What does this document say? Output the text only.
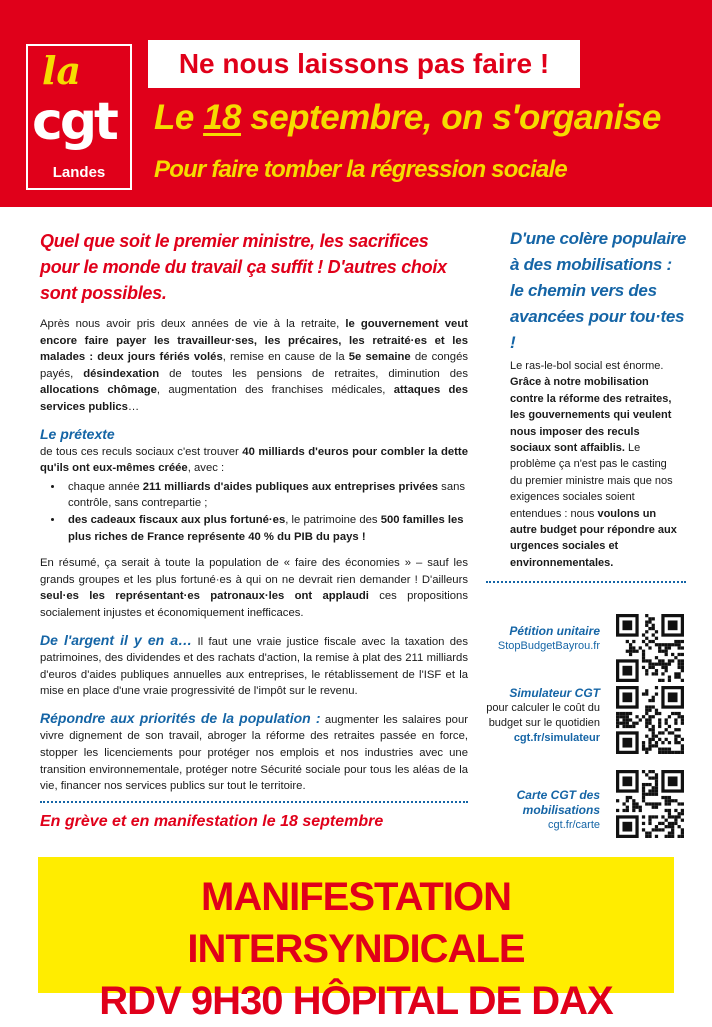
la
cgt
Landes
Ne nous laissons pas faire !
Le 18 septembre, on s'organise
Pour faire tomber la régression sociale

Quel que soit le premier ministre, les sacrifices pour le monde du travail ça suffit ! D'autres choix sont possibles.

Après nous avoir pris deux années de vie à la retraite, le gouvernement veut encore faire payer les travailleur·ses, les précaires, les retraité·es et les malades : deux jours fériés volés, remise en cause de la 5e semaine de congés payés, désindexation de toutes les pensions de retraites, diminution des allocations chômage, augmentation des franchises médicales, attaques des services publics…

Le prétexte

de tous ces reculs sociaux c'est trouver 40 milliards d'euros pour combler la dette qu'ils ont eux-mêmes créée, avec :

• chaque année 211 milliards d'aides publiques aux entreprises privées sans contrôle, sans contrepartie ;
• des cadeaux fiscaux aux plus fortuné·es, le patrimoine des 500 familles les plus riches de France représente 40 % du PIB du pays !

En résumé, ça serait à toute la population de « faire des économies » – sauf les grands groupes et les plus fortuné·es à qui on ne devrait rien demander ! D'ailleurs seul·es les représentant·es patronaux·les ont applaudi ces propositions socialement injustes et économiquement inefficaces.

De l'argent il y en a… Il faut une vraie justice fiscale avec la taxation des patrimoines, des dividendes et des rachats d'action, la remise à plat des 211 milliards d'euros d'aides publiques annuelles aux entreprises, le rétablissement de l'ISF et la mise en place d'une vraie progressivité de l'impôt sur le revenu.

Répondre aux priorités de la population : augmenter les salaires pour vivre dignement de son travail, abroger la réforme des retraites passée en force, stopper les licenciements pour protéger nos emplois et nos industries avec une transition environnementale, protéger notre Sécurité sociale pour tous les aléas de la vie, financer nos services publics sur tout le territoire.

En grève et en manifestation le 18 septembre

D'une colère populaire à des mobilisations : le chemin vers des avancées pour tou·tes !

Le ras-le-bol social est énorme. Grâce à notre mobilisation contre la réforme des retraites, les gouvernements qui veulent nous imposer des reculs sociaux sont affaiblis. Le problème ça n'est pas le casting du premier ministre mais que nos exigences sociales soient entendues : nous voulons un autre budget pour répondre aux urgences sociales et environnementales.

Pétition unitaire
StopBudgetBayrou.fr
Simulateur CGT
pour calculer le coût du budget sur le quotidien
cgt.fr/simulateur
Carte CGT des mobilisations
cgt.fr/carte
MANIFESTATION INTERSYNDICALE
RDV 9H30 HÔPITAL DE DAX
